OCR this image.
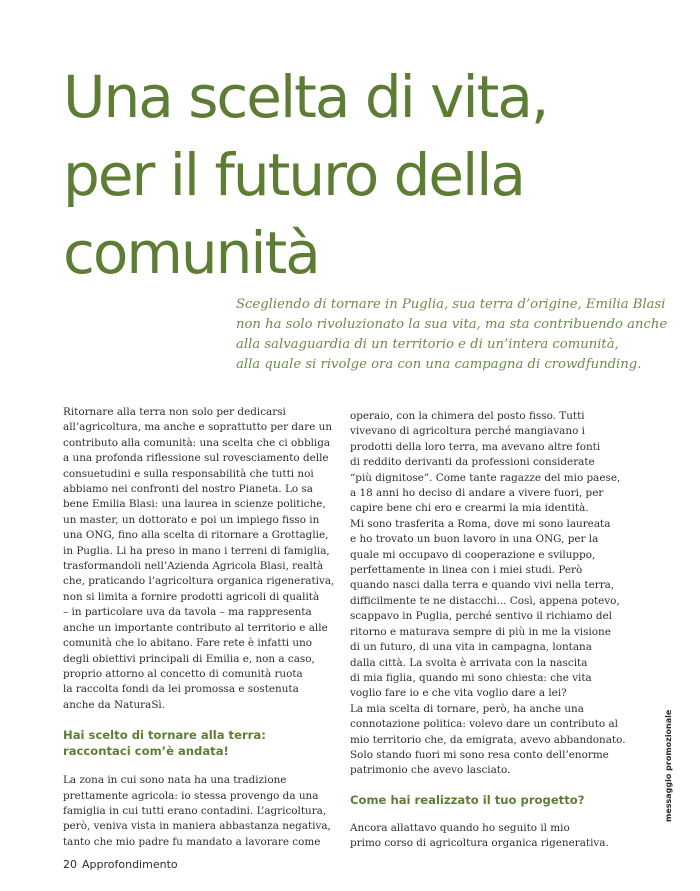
Una scelta di vita,
per il futuro della
comunità

Scegliendo di tornare in Puglia, sua terra d’origine, Emilia Blasi
non ha solo rivoluzionato la sua vita, ma sta contribuendo anche
alla salvaguardia di un territorio e di un’intera comunità,
alla quale si rivolge ora con una campagna di crowdfunding.

Ritornare alla terra non solo per dedicarsi
all’agricoltura, ma anche e soprattutto per dare un
contributo alla comunità: una scelta che ci obbliga
a una profonda riflessione sul rovesciamento delle
consuetudini e sulla responsabilità che tutti noi
abbiamo nei confronti del nostro Pianeta. Lo sa
bene Emilia Blasi: una laurea in scienze politiche,
un master, un dottorato e poi un impiego fisso in
una ONG, fino alla scelta di ritornare a Grottaglie,
in Puglia. Li ha preso in mano i terreni di famiglia,
trasformandoli nell’Azienda Agricola Blasi, realtà
che, praticando l’agricoltura organica rigenerativa,
non si limita a fornire prodotti agricoli di qualità
– in particolare uva da tavola – ma rappresenta
anche un importante contributo al territorio e alle
comunità che lo abitano. Fare rete è infatti uno
degli obiettivi principali di Emilia e, non a caso,
proprio attorno al concetto di comunità ruota
la raccolta fondi da lei promossa e sostenuta
anche da NaturaSì.
Hai scelto di tornare alla terra:
raccontaci com’è andata!
La zona in cui sono nata ha una tradizione
prettamente agricola: io stessa provengo da una
famiglia in cui tutti erano contadini. L’agricoltura,
però, veniva vista in maniera abbastanza negativa,
tanto che mio padre fu mandato a lavorare come
operaio, con la chimera del posto fisso. Tutti
vivevano di agricoltura perché mangiavano i
prodotti della loro terra, ma avevano altre fonti
di reddito derivanti da professioni considerate
“più dignitose”. Come tante ragazze del mio paese,
a 18 anni ho deciso di andare a vivere fuori, per
capire bene chi ero e crearmi la mia identità.
Mi sono trasferita a Roma, dove mi sono laureata
e ho trovato un buon lavoro in una ONG, per la
quale mi occupavo di cooperazione e sviluppo,
perfettamente in linea con i miei studi. Però
quando nasci dalla terra e quando vivi nella terra,
difficilmente te ne distacchi... Così, appena potevo,
scappavo in Puglia, perché sentivo il richiamo del
ritorno e maturava sempre di più in me la visione
di un futuro, di una vita in campagna, lontana
dalla città. La svolta è arrivata con la nascita
di mia figlia, quando mi sono chiesta: che vita
voglio fare io e che vita voglio dare a lei?
La mia scelta di tornare, però, ha anche una
connotazione politica: volevo dare un contributo al
mio territorio che, da emigrata, avevo abbandonato.
Solo stando fuori mi sono resa conto dell’enorme
patrimonio che avevo lasciato.
Come hai realizzato il tuo progetto?
Ancora allattavo quando ho seguito il mio
primo corso di agricoltura organica rigenerativa.
messaggio promozionale
20 Approfondimento
